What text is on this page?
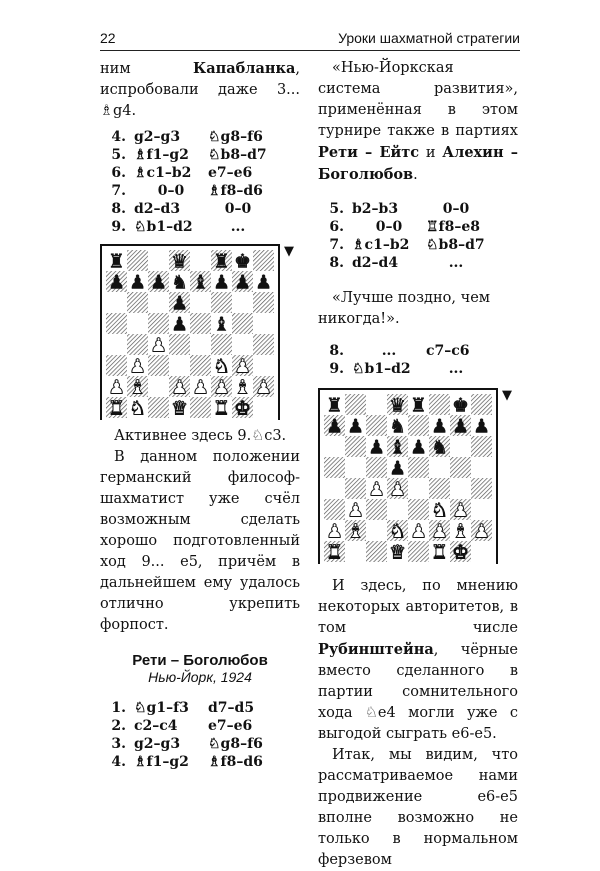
22	Уроки шахматной стратегии

ним Капабланка, испробовали даже 3... ♗g4.

4.	g2–g3	♘g8–f6
5.	♗f1–g2	♘b8–d7
6.	♗c1–b2	e7–e6
7.	0–0	♗f8–d6
8.	d2–d3	0–0
9.	♘b1–d2	...
♜ ♛ ♜ ♚
♟ ♟ ♟ ♞ ♝ ♟ ♟ ♟
♟
♟ ♝
♟
♟	♞ ♟
♟ ♝ ♟ ♟ ♟ ♝ ♟
♜ ♞ ♛ ♜ ♚
▼

Активнее здесь 9.♘c3.

В данном положении германский философ-шахматист уже счёл возможным сделать хорошо подготовленный ход 9... e5, причём в дальнейшем ему удалось отлично укрепить форпост.

Рети – Боголюбов
Нью-Йорк, 1924
1.	♘g1–f3	d7–d5
2.	c2–c4	e7–e6
3.	g2–g3	♘g8–f6
4.	♗f1–g2	♗f8–d6

«Нью-Йоркская система развития», применённая в этом турнире также в партиях Рети – Ейтс и Алехин – Боголюбов.

5.	b2–b3	0–0
6.	0–0	♖f8–e8
7.	♗c1–b2	♘b8–d7
8.	d2–d4	...

«Лучше поздно, чем никогда!».

8.	...	c7–c6
9.	♘b1–d2	...
♜ ♛ ♜ ♚
♟ ♟ ♞ ♟ ♟ ♟
♟ ♝ ♟ ♞
♟
♟ ♟
♟	♞ ♟
♟ ♝ ♞ ♟ ♟ ♝ ♟
♜ ♛ ♜ ♚
▼

И здесь, по мнению некоторых авторитетов, в том числе Рубинштейна, чёрные вместо сделанного в партии сомнительного хода ♘e4 могли уже с выгодой сыграть e6-e5.

Итак, мы видим, что рассматриваемое нами продвижение e6-e5 вполне возможно не только в нормальном ферзевом
